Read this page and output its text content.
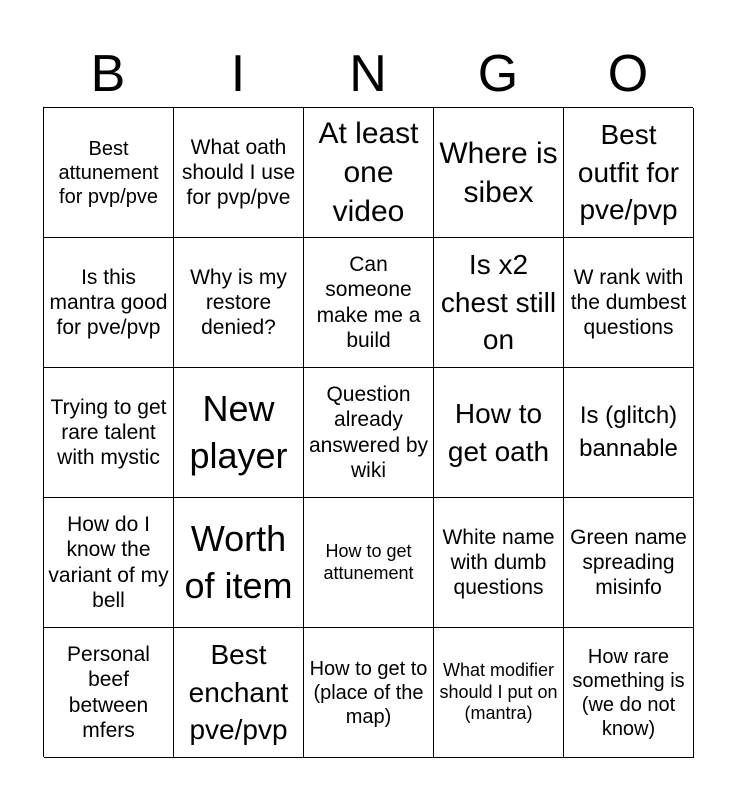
B	I	N	G	O
Best attunement for pvp/pve
What oath should I use for pvp/pve
At least one video
Where is sibex
Best outfit for pve/pvp
Is this mantra good for pve/pvp
Why is my restore denied?
Can someone make me a build
Is x2 chest still on
W rank with the dumbest questions
Trying to get rare talent with mystic
New player
Question already answered by wiki
How to get oath
Is (glitch) bannable
How do I know the variant of my bell
Worth of item
How to get attunement
White name with dumb questions
Green name spreading misinfo
Personal beef between mfers
Best enchant pve/pvp
How to get to (place of the map)
What modifier should I put on (mantra)
How rare something is (we do not know)
